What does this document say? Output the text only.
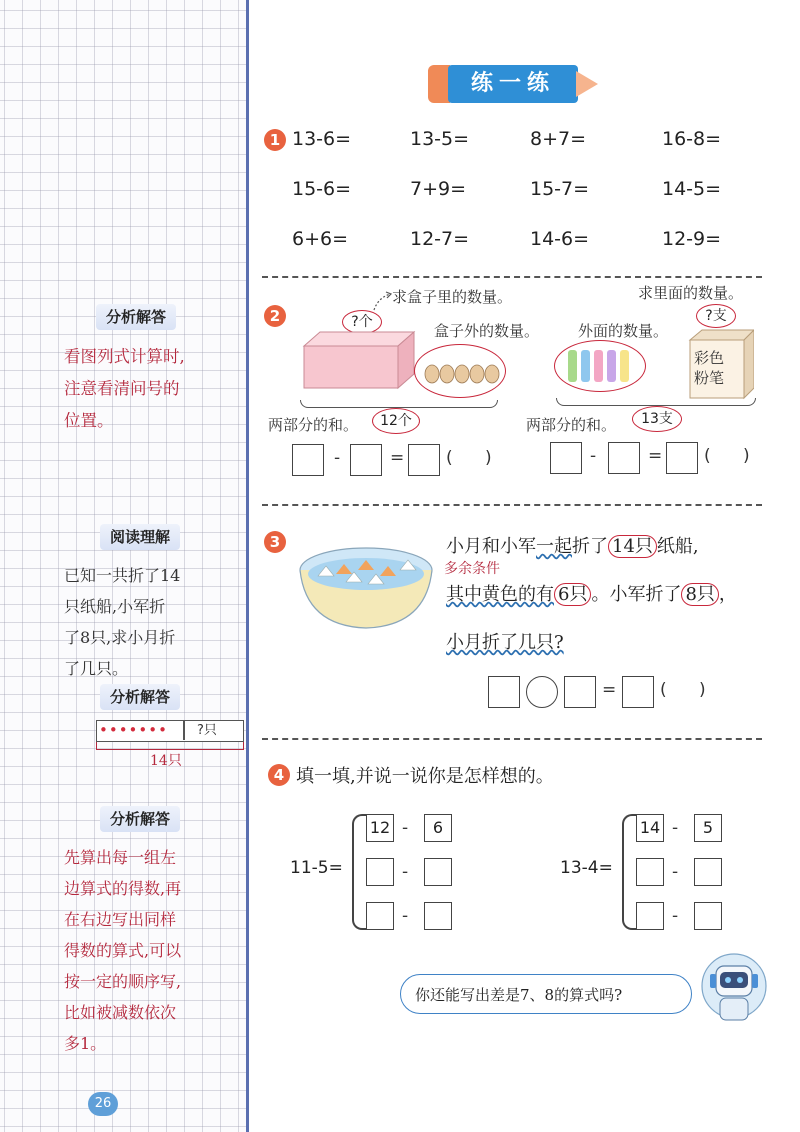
分析解答
看图列式计算时,
注意看清问号的
位置。
阅读理解
已知一共折了14
只纸船,小军折
了8只,求小月折
了几只。
分析解答
••••••• ?只
14只
分析解答
先算出每一组左
边算式的得数,再
在右边写出同样
得数的算式,可以
按一定的顺序写,
比如被减数依次
多1。
26
练一练
1 13-6=	13-5=	8+7=	16-8=
15-6=	7+9=	15-7=	14-5=
6+6=	12-7=	14-6=	12-9=
2
求盒子里的数量。
?个	盒子外的数量。
两部分的和。	12个
求里面的数量。
?支
外面的数量。
彩色
粉笔
两部分的和。	13支
-	= (      )	-	= (      )
3	小月和小军一起折了 14只 纸船,
多余条件
其中黄色的有 6只 。小军折了 8只 ，
小月折了几只?
=	(      )
4 填一填,并说一说你是怎样想的。
11-5=
12 -	6
-
-
13-4=
14 -	5
-
-
你还能写出差是7、8的算式吗?
